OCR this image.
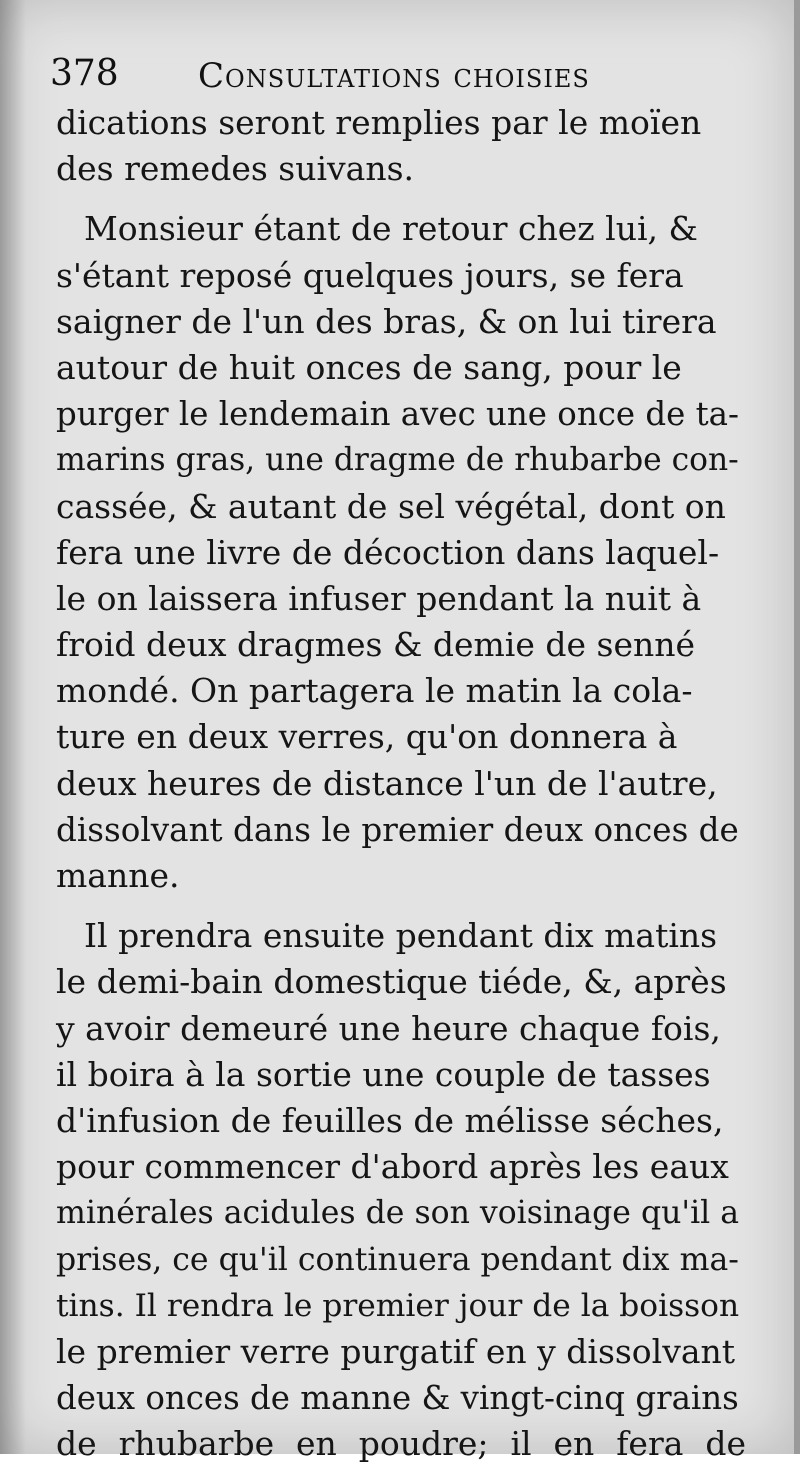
378 Consultations choisies
dications seront remplies par le moïen
des remedes suivans.
Monsieur étant de retour chez lui, &
s'étant reposé quelques jours, se fera
saigner de l'un des bras, & on lui tirera
autour de huit onces de sang, pour le
purger le lendemain avec une once de ta-
marins gras, une dragme de rhubarbe con-
cassée, & autant de sel végétal, dont on
fera une livre de décoction dans laquel-
le on laissera infuser pendant la nuit à
froid deux dragmes & demie de senné
mondé. On partagera le matin la cola-
ture en deux verres, qu'on donnera à
deux heures de distance l'un de l'autre,
dissolvant dans le premier deux onces de
manne.
Il prendra ensuite pendant dix matins
le demi-bain domestique tiéde, &, après
y avoir demeuré une heure chaque fois,
il boira à la sortie une couple de tasses
d'infusion de feuilles de mélisse séches,
pour commencer d'abord après les eaux
minérales acidules de son voisinage qu'il a
prises, ce qu'il continuera pendant dix ma-
tins. Il rendra le premier jour de la boisson
le premier verre purgatif en y dissolvant
deux onces de manne & vingt-cinq grains
de rhubarbe en poudre; il en fera de
